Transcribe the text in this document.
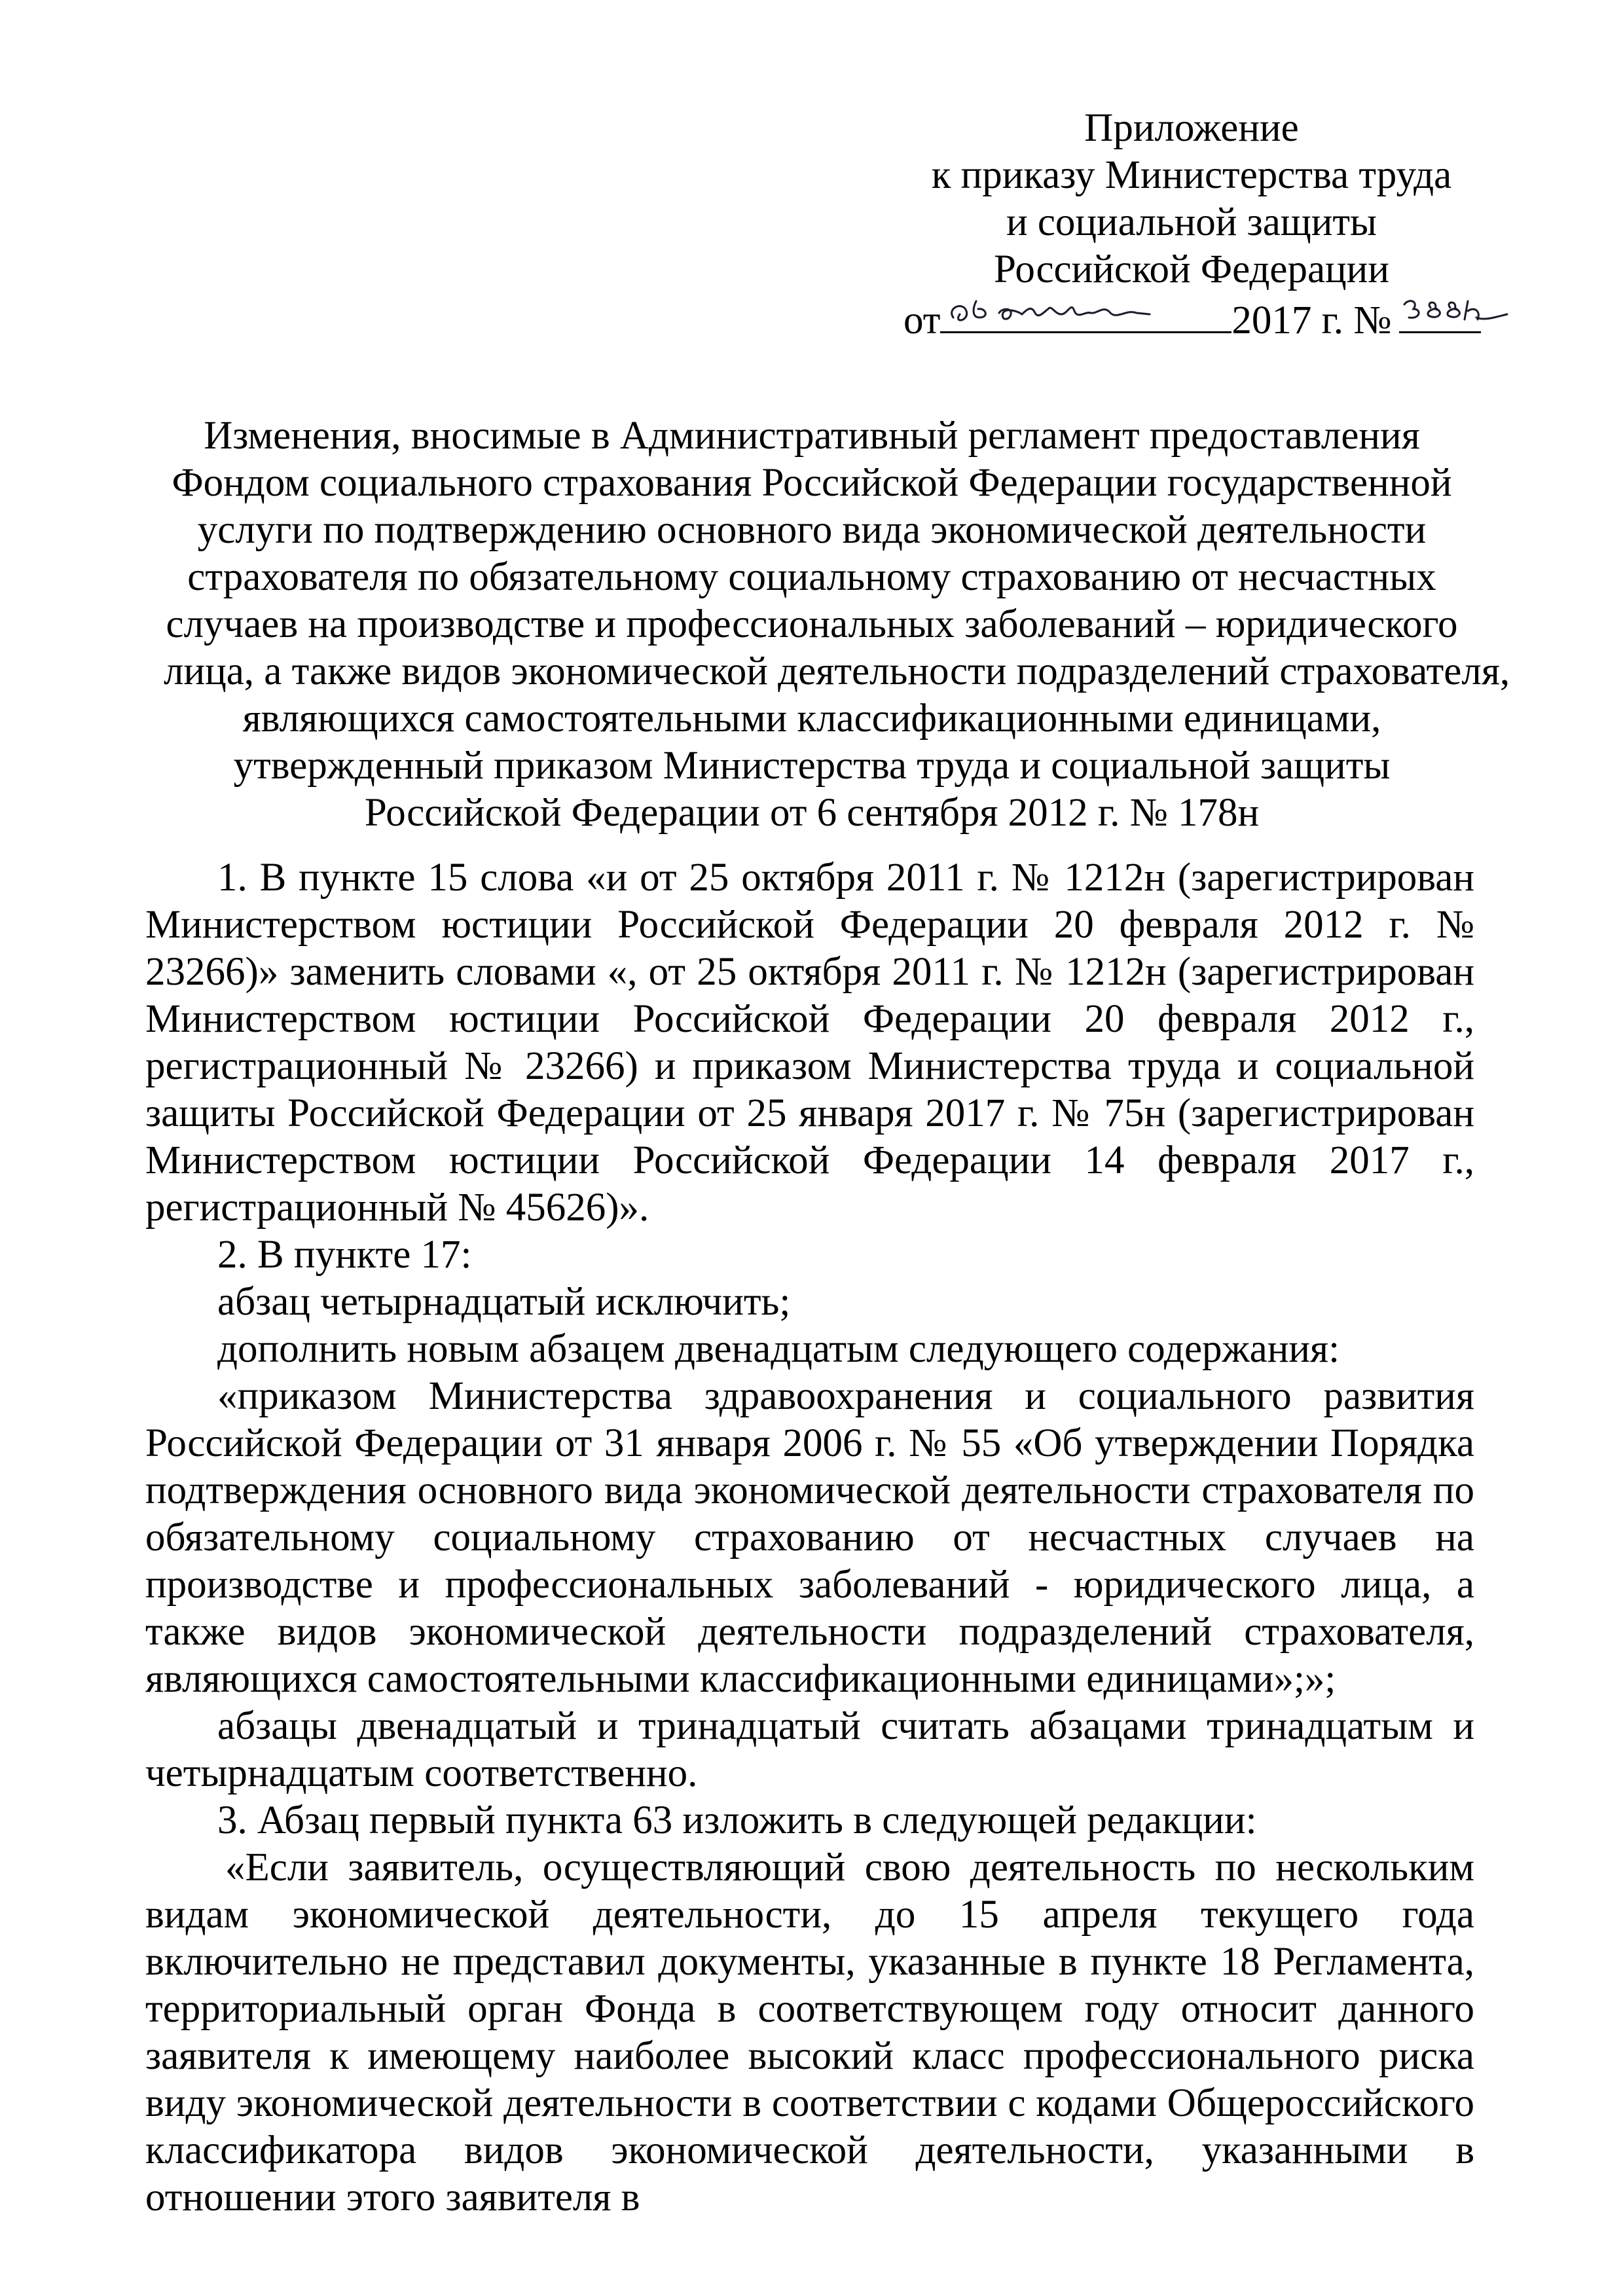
Приложение
к приказу Министерства труда
и социальной защиты
Российской Федерации
от	2017 г. №
Изменения, вносимые в Административный регламент предоставления
Фондом социального страхования Российской Федерации государственной
услуги по подтверждению основного вида экономической деятельности
страхователя по обязательному социальному страхованию от несчастных
случаев на производстве и профессиональных заболеваний – юридического
лица, а также видов экономической деятельности подразделений страхователя,
являющихся самостоятельными классификационными единицами,
утвержденный приказом Министерства труда и социальной защиты
Российской Федерации от 6 сентября 2012 г. № 178н

1. В пункте 15 слова «и от 25 октября 2011 г. № 1212н (зарегистрирован Министерством юстиции Российской Федерации 20 февраля 2012 г. № 23266)» заменить словами «, от 25 октября 2011 г. № 1212н (зарегистрирован Министерством юстиции Российской Федерации 20 февраля 2012 г., регистрационный № 23266) и приказом Министерства труда и социальной защиты Российской Федерации от 25 января 2017 г. № 75н (зарегистрирован Министерством юстиции Российской Федерации 14 февраля 2017 г., регистрационный № 45626)».

2. В пункте 17:

абзац четырнадцатый исключить;

дополнить новым абзацем двенадцатым следующего содержания:

«приказом Министерства здравоохранения и социального развития Российской Федерации от 31 января 2006 г. № 55 «Об утверждении Порядка подтверждения основного вида экономической деятельности страхователя по обязательному социальному страхованию от несчастных случаев на производстве и профессиональных заболеваний - юридического лица, а также видов экономической деятельности подразделений страхователя, являющихся самостоятельными классификационными единицами»;»;

абзацы двенадцатый и тринадцатый считать абзацами тринадцатым и четырнадцатым соответственно.

3. Абзац первый пункта 63 изложить в следующей редакции:

«Если заявитель, осуществляющий свою деятельность по нескольким видам экономической деятельности, до 15 апреля текущего года включительно не представил документы, указанные в пункте 18 Регламента, территориальный орган Фонда в соответствующем году относит данного заявителя к имеющему наиболее высокий класс профессионального риска виду экономической деятельности в соответствии с кодами Общероссийского классификатора видов экономической деятельности, указанными в отношении этого заявителя в
